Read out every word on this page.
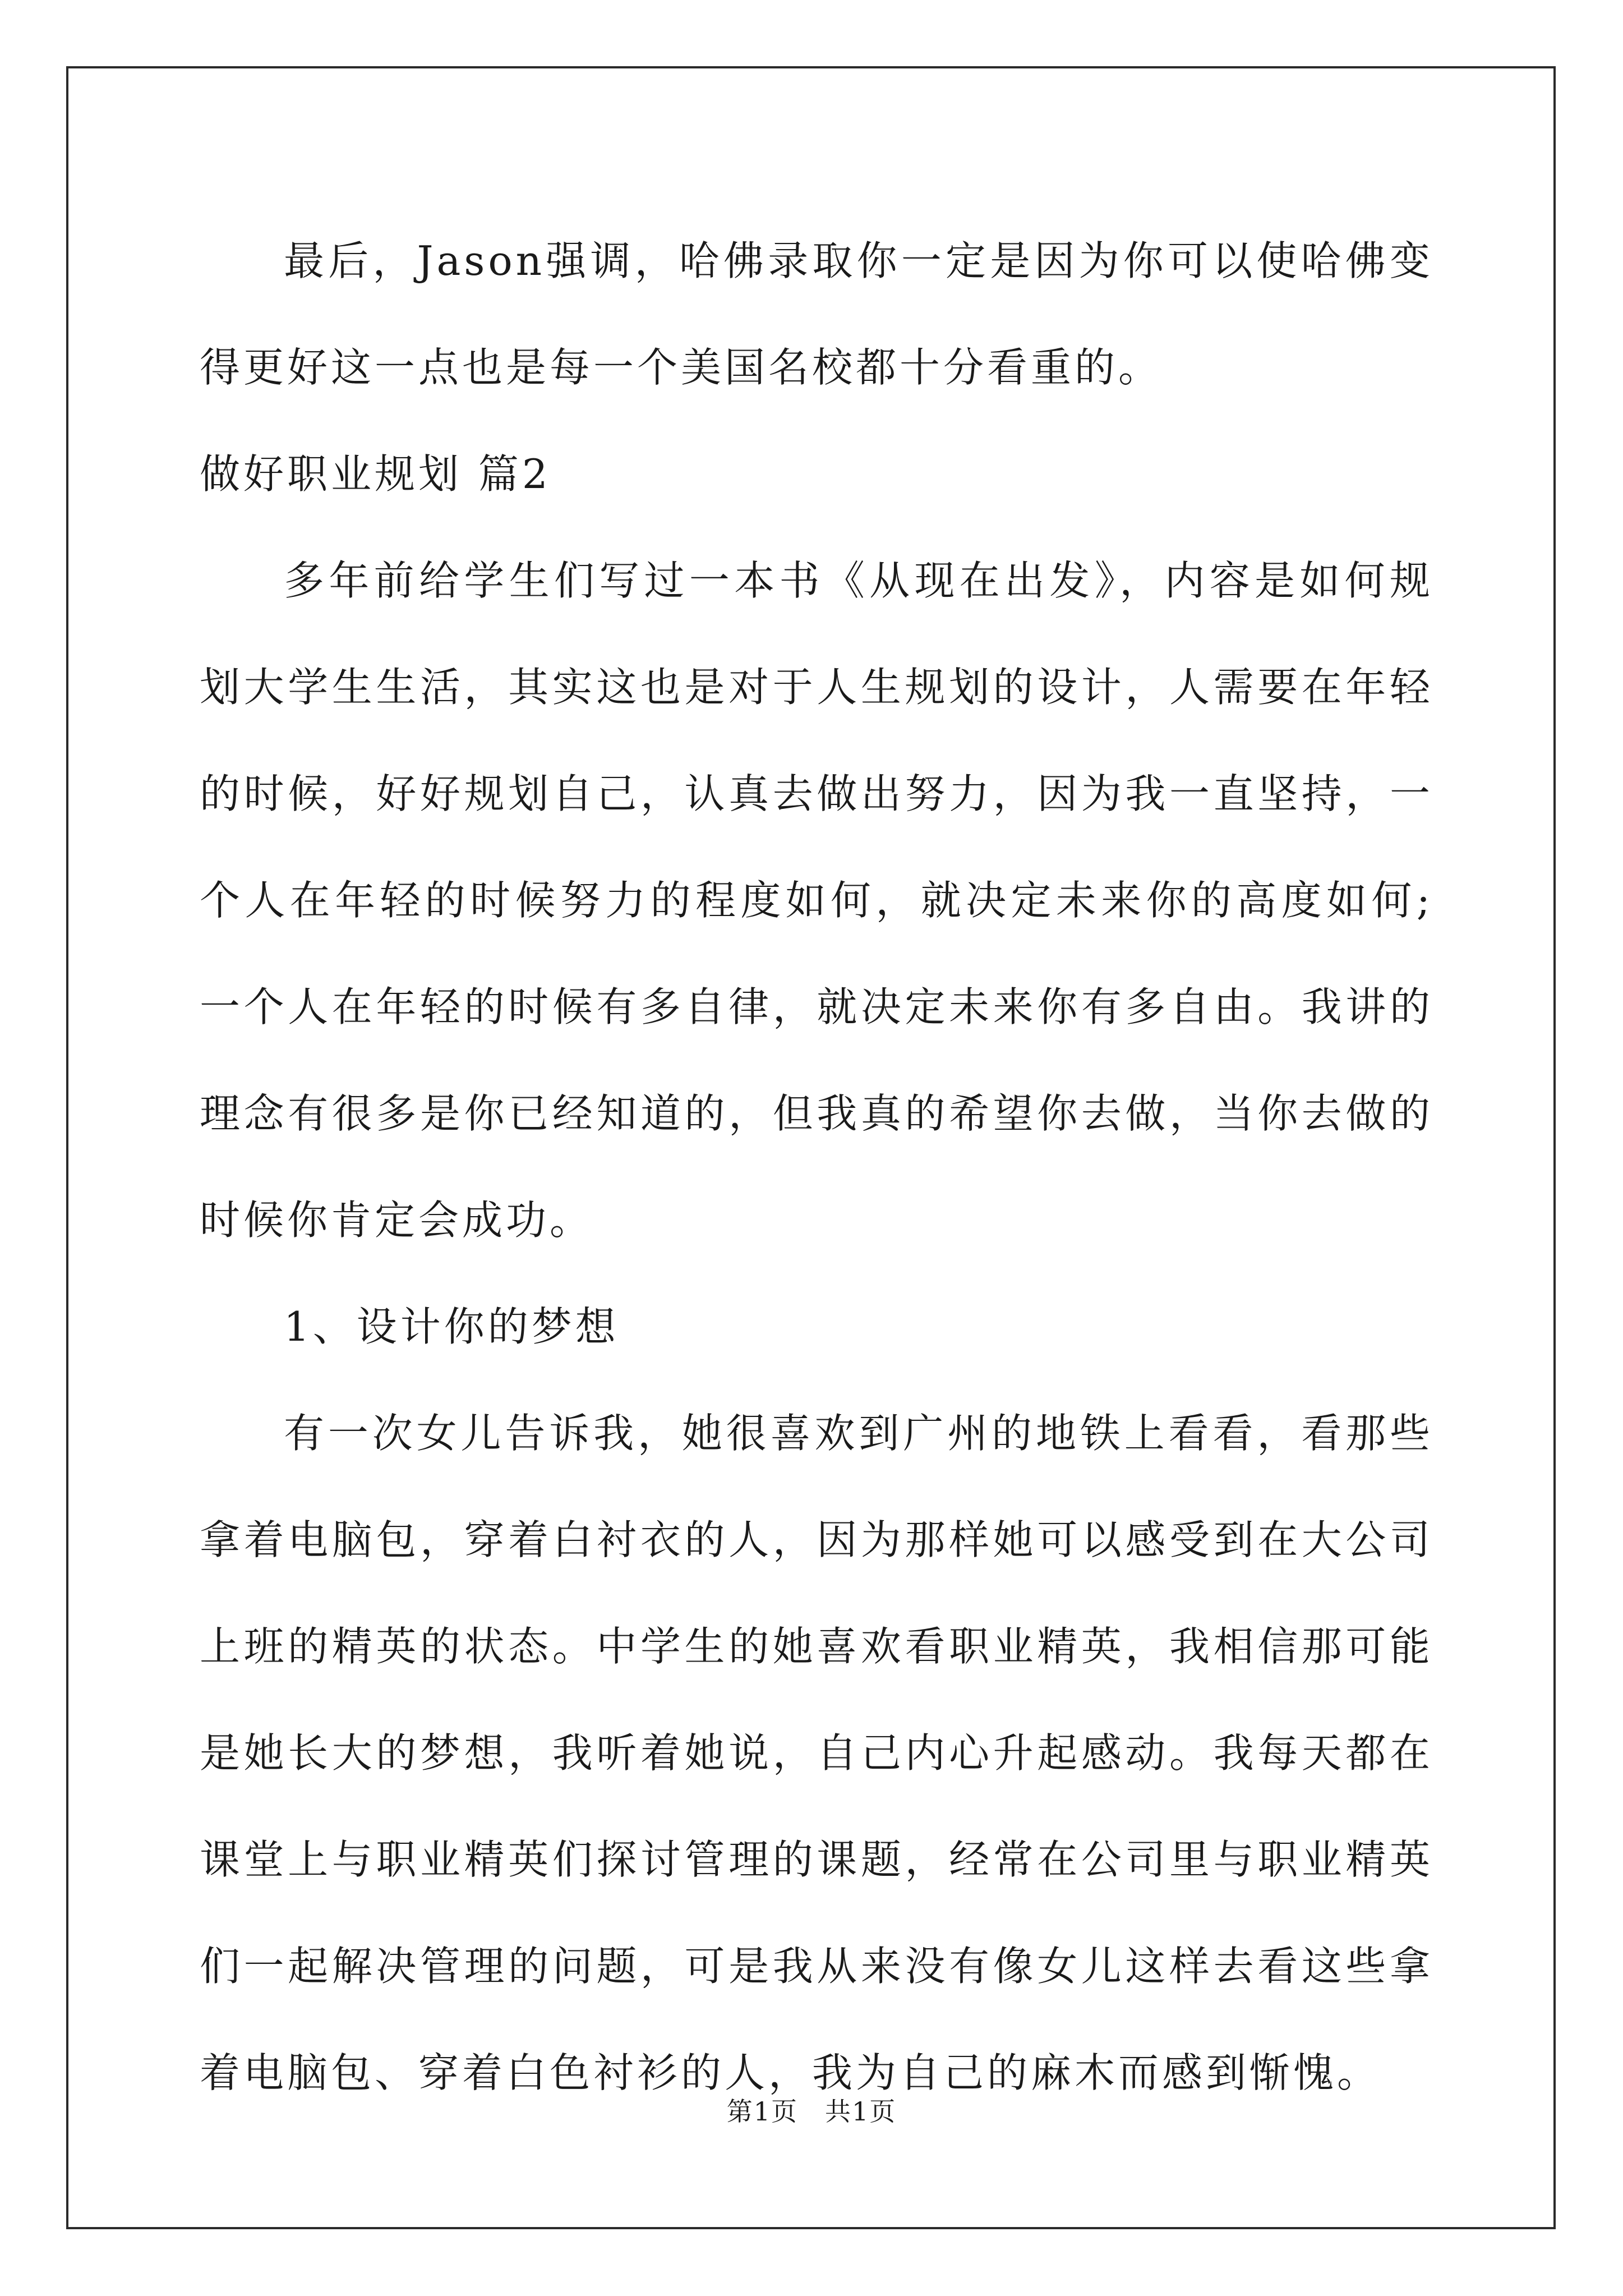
最后，Jason强调，哈佛录取你一定是因为你可以使哈佛变得更好这一点也是每一个美国名校都十分看重的。

做好职业规划 篇2

多年前给学生们写过一本书《从现在出发》，内容是如何规划大学生生活，其实这也是对于人生规划的设计，人需要在年轻的时候，好好规划自己，认真去做出努力，因为我一直坚持，一个人在年轻的时候努力的程度如何，就决定未来你的高度如何;一个人在年轻的时候有多自律，就决定未来你有多自由。我讲的理念有很多是你已经知道的，但我真的希望你去做，当你去做的时候你肯定会成功。

1、设计你的梦想

有一次女儿告诉我，她很喜欢到广州的地铁上看看，看那些拿着电脑包，穿着白衬衣的人，因为那样她可以感受到在大公司上班的精英的状态。中学生的她喜欢看职业精英，我相信那可能是她长大的梦想，我听着她说，自己内心升起感动。我每天都在课堂上与职业精英们探讨管理的课题，经常在公司里与职业精英们一起解决管理的问题，可是我从来没有像女儿这样去看这些拿着电脑包、穿着白色衬衫的人，我为自己的麻木而感到惭愧。

第1页　共1页
